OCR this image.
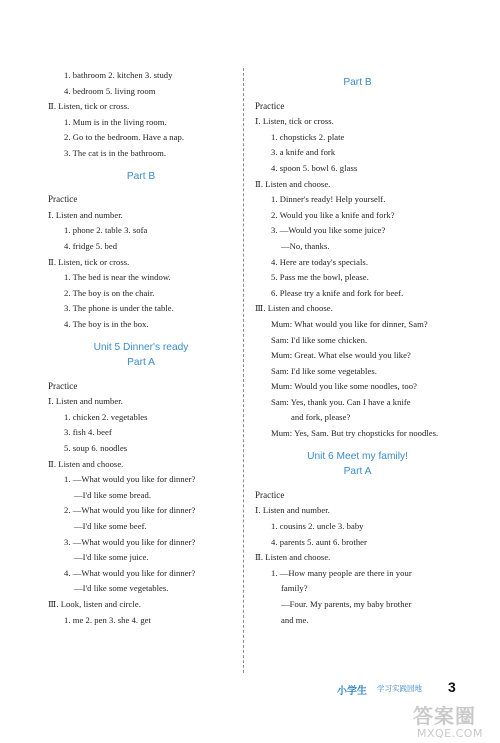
1. bathroom 2. kitchen 3. study
4. bedroom 5. living room
Ⅱ. Listen, tick or cross.
1. Mum is in the living room.
2. Go to the bedroom. Have a nap.
3. The cat is in the bathroom.
Part B
Practice
Ⅰ. Listen and number.
1. phone 2. table 3. sofa
4. fridge 5. bed
Ⅱ. Listen, tick or cross.
1. The bed is near the window.
2. The boy is on the chair.
3. The phone is under the table.
4. The boy is in the box.
Unit 5 Dinner's ready
Part A
Practice
Ⅰ. Listen and number.
1. chicken 2. vegetables
3. fish 4. beef
5. soup 6. noodles
Ⅱ. Listen and choose.
1. —What would you like for dinner?
—I'd like some bread.
2. —What would you like for dinner?
—I'd like some beef.
3. —What would you like for dinner?
—I'd like some juice.
4. —What would you like for dinner?
—I'd like some vegetables.
Ⅲ. Look, listen and circle.
1. me 2. pen 3. she 4. get
Part B
Practice
Ⅰ. Listen, tick or cross.
1. chopsticks 2. plate
3. a knife and fork
4. spoon 5. bowl 6. glass
Ⅱ. Listen and choose.
1. Dinner's ready! Help yourself.
2. Would you like a knife and fork?
3. —Would you like some juice?
—No, thanks.
4. Here are today's specials.
5. Pass me the bowl, please.
6. Please try a knife and fork for beef.
Ⅲ. Listen and choose.
Mum: What would you like for dinner, Sam?
Sam: I'd like some chicken.
Mum: Great. What else would you like?
Sam: I'd like some vegetables.
Mum: Would you like some noodles, too?
Sam: Yes, thank you. Can I have a knife
and fork, please?
Mum: Yes, Sam. But try chopsticks for noodles.
Unit 6 Meet my family!
Part A
Practice
Ⅰ. Listen and number.
1. cousins 2. uncle 3. baby
4. parents 5. aunt 6. brother
Ⅱ. Listen and choose.
1. —How many people are there in your
family?
—Four. My parents, my baby brother
and me.
小学生 学习实践园地 3
答案圈
MXQE.COM
